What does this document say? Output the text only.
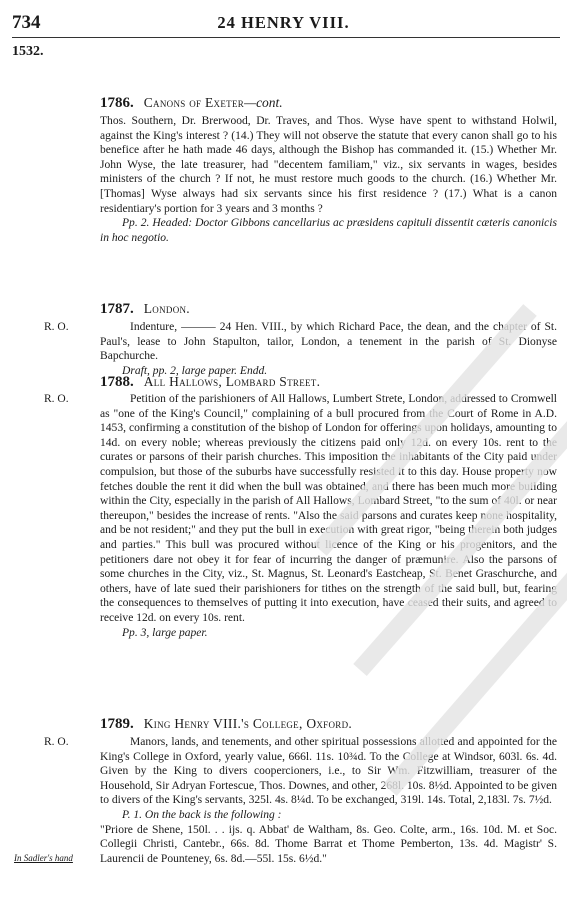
734	24 HENRY VIII.
1532.
1786. Canons of Exeter—cont.

Thos. Southern, Dr. Brerwood, Dr. Traves, and Thos. Wyse have spent to withstand Holwil, against the King's interest ? (14.) They will not observe the statute that every canon shall go to his benefice after he hath made 46 days, although the Bishop has commanded it. (15.) Whether Mr. John Wyse, the late treasurer, had "decentem familiam," viz., six servants in wages, besides ministers of the church ? If not, he must restore much goods to the church. (16.) Whether Mr. [Thomas] Wyse always had six servants since his first residence ? (17.) What is a canon residentiary's portion for 3 years and 3 months ?

Pp. 2. Headed: Doctor Gibbons cancellarius ac præsidens capituli dissentit cæteris canonicis in hoc negotio.

R. O.
1787. London.

Indenture, ——— 24 Hen. VIII., by which Richard Pace, the dean, and the chapter of St. Paul's, lease to John Stapulton, tailor, London, a tenement in the parish of St. Dionyse Bapchurche.

Draft, pp. 2, large paper. Endd.

R. O.
1788. All Hallows, Lombard Street.

Petition of the parishioners of All Hallows, Lumbert Strete, London, addressed to Cromwell as "one of the King's Council," complaining of a bull procured from the Court of Rome in A.D. 1453, confirming a constitution of the bishop of London for offerings upon holidays, amounting to 14d. on every noble; whereas previously the citizens paid only 12d. on every 10s. rent to the curates or parsons of their parish churches. This imposition the inhabitants of the City paid under compulsion, but those of the suburbs have successfully resisted it to this day. House property now fetches double the rent it did when the bull was obtained, and there has been much more building within the City, especially in the parish of All Hallows, Lombard Street, "to the sum of 40l. or near thereupon," besides the increase of rents. "Also the said parsons and curates keep none hospitality, and be not resident;" and they put the bull in execution with great rigor, "being therein both judges and parties." This bull was procured without licence of the King or his progenitors, and the petitioners dare not obey it for fear of incurring the danger of præmunire. Also the parsons of some churches in the City, viz., St. Magnus, St. Leonard's Eastcheap, St. Benet Graschurche, and others, have of late sued their parishioners for tithes on the strength of the said bull, but, fearing the consequences to themselves of putting it into execution, have ceased their suits, and agreed to receive 12d. on every 10s. rent.

Pp. 3, large paper.

R. O.
1789. King Henry VIII.'s College, Oxford.

Manors, lands, and tenements, and other spiritual possessions allotted and appointed for the King's College in Oxford, yearly value, 666l. 11s. 10¾d. To the College at Windsor, 603l. 6s. 4d. Given by the King to divers coopercioners, i.e., to Sir Wm. Fitzwilliam, treasurer of the Household, Sir Adryan Fortescue, Thos. Downes, and other, 268l. 10s. 8½d. Appointed to be given to divers of the King's servants, 325l. 4s. 8¼d. To be exchanged, 319l. 14s. Total, 2,183l. 7s. 7½d.

P. 1. On the back is the following :

"Priore de Shene, 150l. . . ijs. q. Abbat' de Waltham, 8s. Geo. Colte, arm., 16s. 10d. M. et Soc. Collegii Christi, Cantebr., 66s. 8d. Thome Barrat et Thome Pemberton, 13s. 4d. Magistr' S. Laurencii de Pounteney, 6s. 8d.—55l. 15s. 6½d."

In Sadler's hand
